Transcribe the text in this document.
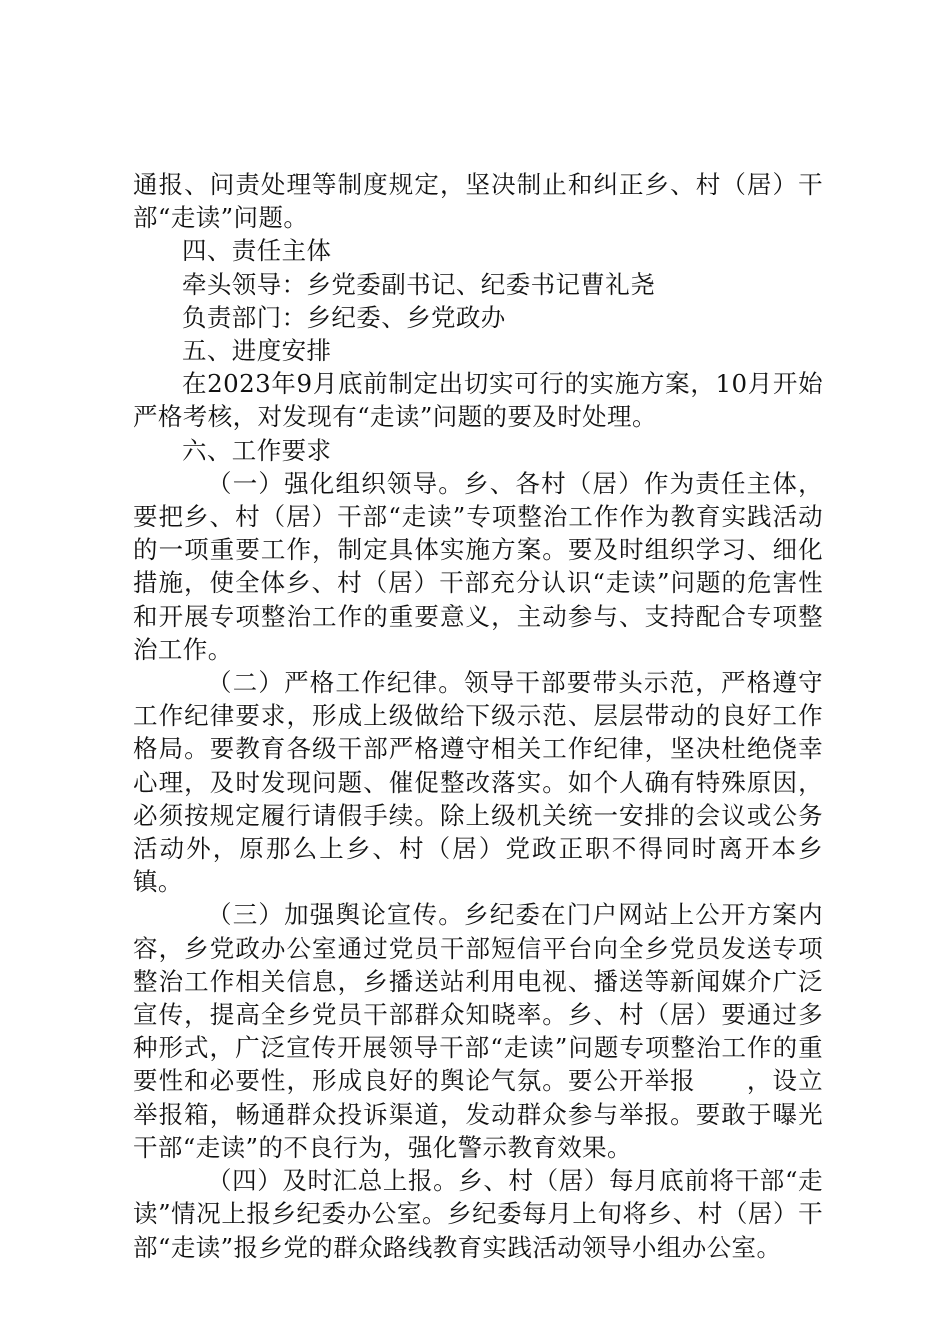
通报、问责处理等制度规定，坚决制止和纠正乡、村（居）干部“走读”问题。

四、责任主体

牵头领导：乡党委副书记、纪委书记曹礼尧

负责部门：乡纪委、乡党政办

五、进度安排

在2023年9月底前制定出切实可行的实施方案，10月开始严格考核，对发现有“走读”问题的要及时处理。

六、工作要求

（一）强化组织领导。乡、各村（居）作为责任主体，要把乡、村（居）干部“走读”专项整治工作作为教育实践活动的一项重要工作，制定具体实施方案。要及时组织学习、细化措施，使全体乡、村（居）干部充分认识“走读”问题的危害性和开展专项整治工作的重要意义，主动参与、支持配合专项整治工作。

（二）严格工作纪律。领导干部要带头示范，严格遵守工作纪律要求，形成上级做给下级示范、层层带动的良好工作格局。要教育各级干部严格遵守相关工作纪律，坚决杜绝侥幸心理，及时发现问题、催促整改落实。如个人确有特殊原因，必须按规定履行请假手续。除上级机关统一安排的会议或公务活动外，原那么上乡、村（居）党政正职不得同时离开本乡镇。

（三）加强舆论宣传。乡纪委在门户网站上公开方案内容，乡党政办公室通过党员干部短信平台向全乡党员发送专项整治工作相关信息，乡播送站利用电视、播送等新闻媒介广泛宣传，提高全乡党员干部群众知晓率。乡、村（居）要通过多种形式，广泛宣传开展领导干部“走读”问题专项整治工作的重要性和必要性，形成良好的舆论气氛。要公开举报　　，设立举报箱，畅通群众投诉渠道，发动群众参与举报。要敢于曝光干部“走读”的不良行为，强化警示教育效果。

（四）及时汇总上报。乡、村（居）每月底前将干部“走读”情况上报乡纪委办公室。乡纪委每月上旬将乡、村（居）干部“走读”报乡党的群众路线教育实践活动领导小组办公室。
